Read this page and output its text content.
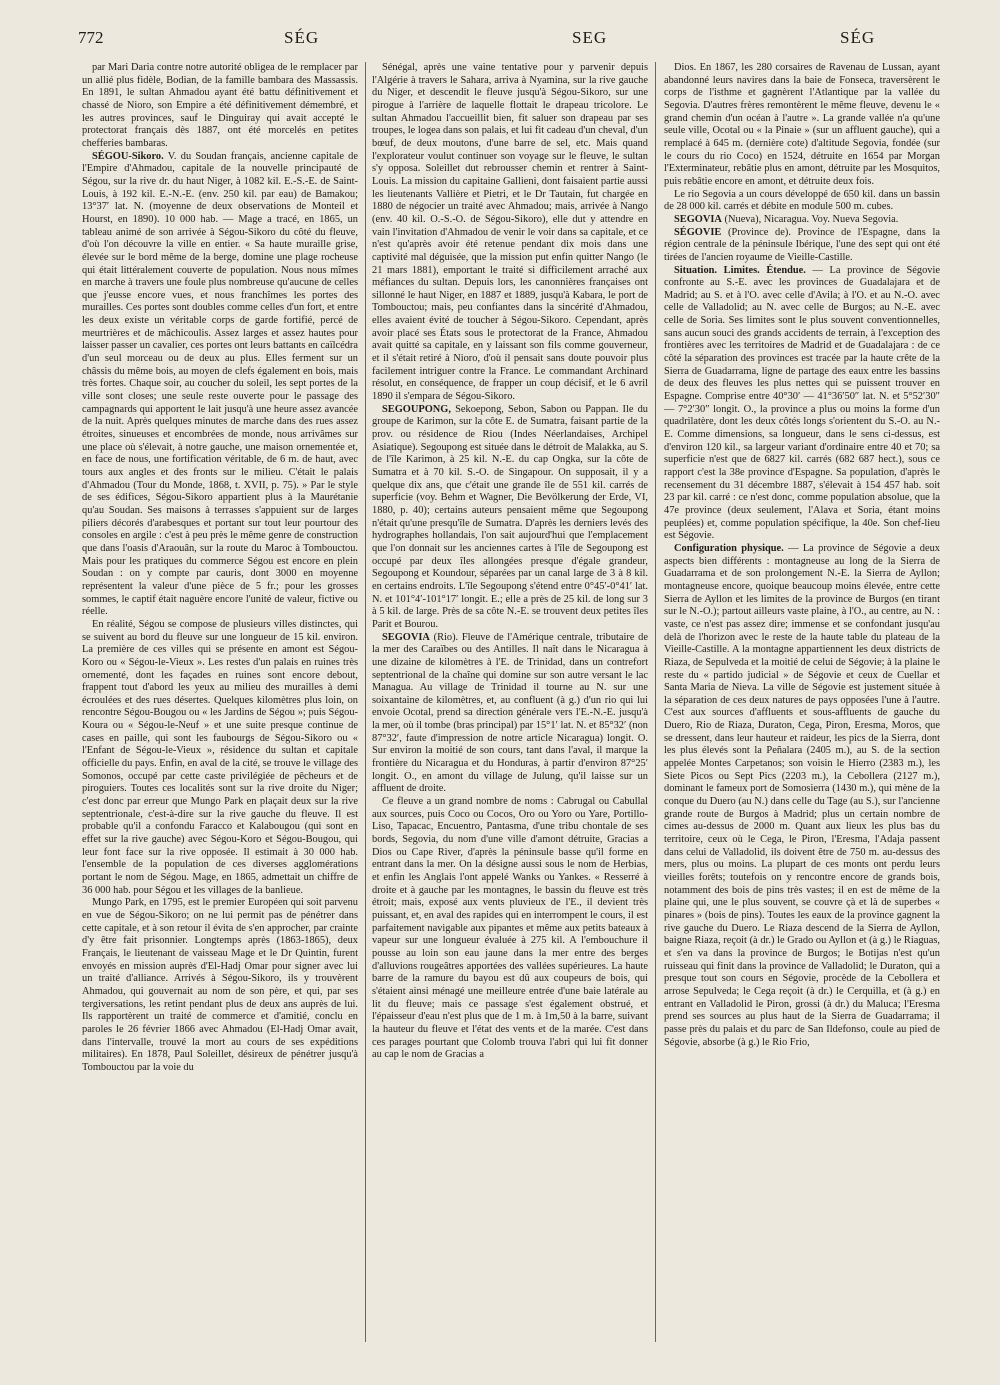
772	SÉG	SEG	SÉG

par Mari Daria contre notre autorité obligea de le remplacer par un allié plus fidèle, Bodian, de la famille bambara des Massassis. En 1891, le sultan Ahmadou ayant été battu définitivement et chassé de Nioro, son Empire a été définitivement démembré, et les autres provinces, sauf le Dinguiray qui avait accepté le protectorat français dès 1887, ont été morcelés en petites chefferies bambaras.

SÉGOU-Sikoro. V. du Soudan français, ancienne capitale de l'Empire d'Ahmadou, capitale de la nouvelle principauté de Ségou, sur la rive dr. du haut Niger, à 1082 kil. E.-S.-E. de Saint-Louis, à 192 kil. E.-N.-E. (env. 250 kil. par eau) de Bamakou; 13°37′ lat. N. (moyenne de deux observations de Monteil et Hourst, en 1890). 10 000 hab. — Mage a tracé, en 1865, un tableau animé de son arrivée à Ségou-Sikoro du côté du fleuve, d'où l'on découvre la ville en entier. « Sa haute muraille grise, élevée sur le bord même de la berge, domine une plage rocheuse qui était littéralement couverte de population. Nous nous mîmes en marche à travers une foule plus nombreuse qu'aucune de celles que j'eusse encore vues, et nous franchîmes les portes des murailles. Ces portes sont doubles comme celles d'un fort, et entre les deux existe un véritable corps de garde fortifié, percé de meurtrières et de mâchicoulis. Assez larges et assez hautes pour laisser passer un cavalier, ces portes ont leurs battants en caïlcédra d'un seul morceau ou de deux au plus. Elles ferment sur un châssis du même bois, au moyen de clefs également en bois, mais très fortes. Chaque soir, au coucher du soleil, les sept portes de la ville sont closes; une seule reste ouverte pour le passage des campagnards qui apportent le lait jusqu'à une heure assez avancée de la nuit. Après quelques minutes de marche dans des rues assez étroites, sinueuses et encombrées de monde, nous arrivâmes sur une place où s'élevait, à notre gauche, une maison ornementée et, en face de nous, une fortification véritable, de 6 m. de haut, avec tours aux angles et des fronts sur le milieu. C'était le palais d'Ahmadou (Tour du Monde, 1868, t. XVII, p. 75). » Par le style de ses édifices, Ségou-Sikoro appartient plus à la Maurétanie qu'au Soudan. Ses maisons à terrasses s'appuient sur de larges piliers décorés d'arabesques et portant sur tout leur pourtour des consoles en argile : c'est à peu près le même genre de construction que dans l'oasis d'Araouân, sur la route du Maroc à Tombouctou. Mais pour les pratiques du commerce Ségou est encore en plein Soudan : on y compte par cauris, dont 3000 en moyenne représentent la valeur d'une pièce de 5 fr.; pour les grosses sommes, le captif était naguère encore l'unité de valeur, fictive ou réelle.

En réalité, Ségou se compose de plusieurs villes distinctes, qui se suivent au bord du fleuve sur une longueur de 15 kil. environ. La première de ces villes qui se présente en amont est Ségou-Koro ou « Ségou-le-Vieux ». Les restes d'un palais en ruines très ornementé, dont les façades en ruines sont encore debout, frappent tout d'abord les yeux au milieu des murailles à demi écroulées et des rues désertes. Quelques kilomètres plus loin, on rencontre Ségou-Bougou ou « les Jardins de Ségou »; puis Ségou-Koura ou « Ségou-le-Neuf » et une suite presque continue de cases en paille, qui sont les faubourgs de Ségou-Sikoro ou « l'Enfant de Ségou-le-Vieux », résidence du sultan et capitale officielle du pays. Enfin, en aval de la cité, se trouve le village des Somonos, occupé par cette caste privilégiée de pêcheurs et de piroguiers. Toutes ces localités sont sur la rive droite du Niger; c'est donc par erreur que Mungo Park en plaçait deux sur la rive septentrionale, c'est-à-dire sur la rive gauche du fleuve. Il est probable qu'il a confondu Faracco et Kalabougou (qui sont en effet sur la rive gauche) avec Ségou-Koro et Ségou-Bougou, qui leur font face sur la rive opposée. Il estimait à 30 000 hab. l'ensemble de la population de ces diverses agglomérations portant le nom de Ségou. Mage, en 1865, admettait un chiffre de 36 000 hab. pour Ségou et les villages de la banlieue.

Mungo Park, en 1795, est le premier Européen qui soit parvenu en vue de Ségou-Sikoro; on ne lui permit pas de pénétrer dans cette capitale, et à son retour il évita de s'en approcher, par crainte d'y être fait prisonnier. Longtemps après (1863-1865), deux Français, le lieutenant de vaisseau Mage et le Dr Quintin, furent envoyés en mission auprès d'El-Hadj Omar pour signer avec lui un traité d'alliance. Arrivés à Ségou-Sikoro, ils y trouvèrent Ahmadou, qui gouvernait au nom de son père, et qui, par ses tergiversations, les retint pendant plus de deux ans auprès de lui. Ils rapportèrent un traité de commerce et d'amitié, conclu en paroles le 26 février 1866 avec Ahmadou (El-Hadj Omar avait, dans l'intervalle, trouvé la mort au cours de ses expéditions militaires). En 1878, Paul Soleillet, désireux de pénétrer jusqu'à Tombouctou par la voie du

Sénégal, après une vaine tentative pour y parvenir depuis l'Algérie à travers le Sahara, arriva à Nyamina, sur la rive gauche du Niger, et descendit le fleuve jusqu'à Ségou-Sikoro, sur une pirogue à l'arrière de laquelle flottait le drapeau tricolore. Le sultan Ahmadou l'accueillit bien, fit saluer son drapeau par ses troupes, le logea dans son palais, et lui fit cadeau d'un cheval, d'un bœuf, de deux moutons, d'une barre de sel, etc. Mais quand l'explorateur voulut continuer son voyage sur le fleuve, le sultan s'y opposa. Soleillet dut rebrousser chemin et rentrer à Saint-Louis. La mission du capitaine Gallieni, dont faisaient partie aussi les lieutenants Vallière et Pietri, et le Dr Tautain, fut chargée en 1880 de négocier un traité avec Ahmadou; mais, arrivée à Nango (env. 40 kil. O.-S.-O. de Ségou-Sikoro), elle dut y attendre en vain l'invitation d'Ahmadou de venir le voir dans sa capitale, et ce n'est qu'après avoir été retenue pendant dix mois dans une captivité mal déguisée, que la mission put enfin quitter Nango (le 21 mars 1881), emportant le traité si difficilement arraché aux méfiances du sultan. Depuis lors, les canonnières françaises ont sillonné le haut Niger, en 1887 et 1889, jusqu'à Kabara, le port de Tombouctou; mais, peu confiantes dans la sincérité d'Ahmadou, elles avaient évité de toucher à Ségou-Sikoro. Cependant, après avoir placé ses États sous le protectorat de la France, Ahmadou avait quitté sa capitale, en y laissant son fils comme gouverneur, et il s'était retiré à Nioro, d'où il pensait sans doute pouvoir plus facilement intriguer contre la France. Le commandant Archinard résolut, en conséquence, de frapper un coup décisif, et le 6 avril 1890 il s'empara de Ségou-Sikoro.

SEGOUPONG, Sekoepong, Sebon, Sabon ou Pappan. Ile du groupe de Karimon, sur la côte E. de Sumatra, faisant partie de la prov. ou résidence de Riou (Indes Néerlandaises, Archipel Asiatique). Segoupong est située dans le détroit de Malakka, au S. de l'île Karimon, à 25 kil. N.-E. du cap Ongka, sur la côte de Sumatra et à 70 kil. S.-O. de Singapour. On supposait, il y a quelque dix ans, que c'était une grande île de 551 kil. carrés de superficie (voy. Behm et Wagner, Die Bevölkerung der Erde, VI, 1880, p. 40); certains auteurs pensaient même que Segoupong n'était qu'une presqu'île de Sumatra. D'après les derniers levés des hydrographes hollandais, l'on sait aujourd'hui que l'emplacement que l'on donnait sur les anciennes cartes à l'île de Segoupong est occupé par deux îles allongées presque d'égale grandeur, Segoupong et Koundour, séparées par un canal large de 3 à 8 kil. en certains endroits. L'île Segoupong s'étend entre 0°45′-0°41′ lat. N. et 101°4′-101°17′ longit. E.; elle a près de 25 kil. de long sur 3 à 5 kil. de large. Près de sa côte N.-E. se trouvent deux petites îles Parit et Bourou.

SEGOVIA (Rio). Fleuve de l'Amérique centrale, tributaire de la mer des Caraïbes ou des Antilles. Il naît dans le Nicaragua à une dizaine de kilomètres à l'E. de Trinidad, dans un contrefort septentrional de la chaîne qui domine sur son autre versant le lac Managua. Au village de Trinidad il tourne au N. sur une soixantaine de kilomètres, et, au confluent (à g.) d'un rio qui lui envoie Ocotal, prend sa direction générale vers l'E.-N.-E. jusqu'à la mer, où il tombe (bras principal) par 15°1′ lat. N. et 85°32′ (non 87°32′, faute d'impression de notre article Nicaragua) longit. O. Sur environ la moitié de son cours, tant dans l'aval, il marque la frontière du Nicaragua et du Honduras, à partir d'environ 87°25′ longit. O., en amont du village de Julung, qu'il laisse sur un affluent de droite.

Ce fleuve a un grand nombre de noms : Cabrugal ou Cabullal aux sources, puis Coco ou Cocos, Oro ou Yoro ou Yare, Portillo-Liso, Tapacac, Encuentro, Pantasma, d'une tribu chontale de ses bords, Segovia, du nom d'une ville d'amont détruite, Gracias a Dios ou Cape River, d'après la péninsule basse qu'il forme en entrant dans la mer. On la désigne aussi sous le nom de Herbias, et enfin les Anglais l'ont appelé Wanks ou Yankes. « Resserré à droite et à gauche par les montagnes, le bassin du fleuve est très étroit; mais, exposé aux vents pluvieux de l'E., il devient très puissant, et, en aval des rapides qui en interrompent le cours, il est parfaitement navigable aux pipantes et même aux petits bateaux à vapeur sur une longueur évaluée à 275 kil. A l'embouchure il pousse au loin son eau jaune dans la mer entre des berges d'alluvions rougeâtres apportées des vallées supérieures. La haute barre de la ramure du bayou est dû aux coupeurs de bois, qui s'étaient ainsi ménagé une meilleure entrée d'une baie latérale au lit du fleuve; mais ce passage s'est également obstrué, et l'épaisseur d'eau n'est plus que de 1 m. à 1m,50 à la barre, suivant la hauteur du fleuve et l'état des vents et de la marée. C'est dans ces parages pourtant que Colomb trouva l'abri qui lui fit donner au cap le nom de Gracias a

Dios. En 1867, les 280 corsaires de Ravenau de Lussan, ayant abandonné leurs navires dans la baie de Fonseca, traversèrent le corps de l'isthme et gagnèrent l'Atlantique par la vallée du Segovia. D'autres frères remontèrent le même fleuve, devenu le « grand chemin d'un océan à l'autre ». La grande vallée n'a qu'une seule ville, Ocotal ou « la Pinaie » (sur un affluent gauche), qui a remplacé à 645 m. (dernière cote) d'altitude Segovia, fondée (sur le cours du rio Coco) en 1524, détruite en 1654 par Morgan l'Exterminateur, rebâtie plus en amont, détruite par les Mosquitos, puis rebâtie encore en amont, et détruite deux fois.

Le rio Segovia a un cours développé de 650 kil. dans un bassin de 28 000 kil. carrés et débite en module 500 m. cubes.

SEGOVIA (Nueva), Nicaragua. Voy. Nueva Segovia.

SÉGOVIE (Province de). Province de l'Espagne, dans la région centrale de la péninsule Ibérique, l'une des sept qui ont été tirées de l'ancien royaume de Vieille-Castille.

Situation. Limites. Étendue. — La province de Ségovie confronte au S.-E. avec les provinces de Guadalajara et de Madrid; au S. et à l'O. avec celle d'Avila; à l'O. et au N.-O. avec celle de Valladolid; au N. avec celle de Burgos; au N.-E. avec celle de Soria. Ses limites sont le plus souvent conventionnelles, sans aucun souci des grands accidents de terrain, à l'exception des frontières avec les territoires de Madrid et de Guadalajara : de ce côté la séparation des provinces est tracée par la haute crête de la Sierra de Guadarrama, ligne de partage des eaux entre les bassins de deux des fleuves les plus nettes qui se puissent trouver en Espagne. Comprise entre 40°30′ — 41°36′50″ lat. N. et 5°52′30″ — 7°2′30″ longit. O., la province a plus ou moins la forme d'un quadrilatère, dont les deux côtés longs s'orientent du S.-O. au N.-E. Comme dimensions, sa longueur, dans le sens ci-dessus, est d'environ 120 kil., sa largeur variant d'ordinaire entre 40 et 70; sa superficie n'est que de 6827 kil. carrés (682 687 hect.), sous ce rapport c'est la 38e province d'Espagne. Sa population, d'après le recensement du 31 décembre 1887, s'élevait à 154 457 hab. soit 23 par kil. carré : ce n'est donc, comme population absolue, que la 47e province (deux seulement, l'Alava et Soria, étant moins peuplées) et, comme population spécifique, la 40e. Son chef-lieu est Ségovie.

Configuration physique. — La province de Ségovie a deux aspects bien différents : montagneuse au long de la Sierra de Guadarrama et de son prolongement N.-E. la Sierra de Ayllon; montagneuse encore, quoique beaucoup moins élevée, entre cette Sierra de Ayllon et les limites de la province de Burgos (en tirant sur le N.-O.); partout ailleurs vaste plaine, à l'O., au centre, au N. : vaste, ce n'est pas assez dire; immense et se confondant jusqu'au delà de l'horizon avec le reste de la haute table du plateau de la Vieille-Castille. A la montagne appartiennent les deux districts de Riaza, de Sepulveda et la moitié de celui de Ségovie; à la plaine le reste du « partido judicial » de Ségovie et ceux de Cuellar et Santa Maria de Nieva. La ville de Ségovie est justement située à la séparation de ces deux natures de pays opposées l'une à l'autre. C'est aux sources d'affluents et sous-affluents de gauche du Duero, Rio de Riaza, Duraton, Cega, Piron, Eresma, Moros, que se dressent, dans leur hauteur et raideur, les pics de la Sierra, dont les plus élevés sont la Peñalara (2405 m.), au S. de la section appelée Montes Carpetanos; son voisin le Hierro (2383 m.), les Siete Picos ou Sept Pics (2203 m.), la Cebollera (2127 m.), dominant le fameux port de Somosierra (1430 m.), qui mène de la conque du Duero (au N.) dans celle du Tage (au S.), sur l'ancienne grande route de Burgos à Madrid; plus un certain nombre de cimes au-dessus de 2000 m. Quant aux lieux les plus bas du territoire, ceux où le Cega, le Piron, l'Eresma, l'Adaja passent dans celui de Valladolid, ils doivent être de 750 m. au-dessus des mers, plus ou moins. La plupart de ces monts ont perdu leurs vieilles forêts; toutefois on y rencontre encore de grands bois, notamment des bois de pins très vastes; il en est de même de la plaine qui, une le plus souvent, se couvre çà et là de superbes « pinares » (bois de pins). Toutes les eaux de la province gagnent la rive gauche du Duero. Le Riaza descend de la Sierra de Ayllon, baigne Riaza, reçoit (à dr.) le Grado ou Ayllon et (à g.) le Riaguas, et s'en va dans la province de Burgos; le Botijas n'est qu'un ruisseau qui finit dans la province de Valladolid; le Duraton, qui a presque tout son cours en Ségovie, procède de la Cebollera et arrose Sepulveda; le Cega reçoit (à dr.) le Cerquilla, et (à g.) en entrant en Valladolid le Piron, grossi (à dr.) du Maluca; l'Eresma prend ses sources au plus haut de la Sierra de Guadarrama; il passe près du palais et du parc de San Ildefonso, coule au pied de Ségovie, absorbe (à g.) le Rio Frio,
